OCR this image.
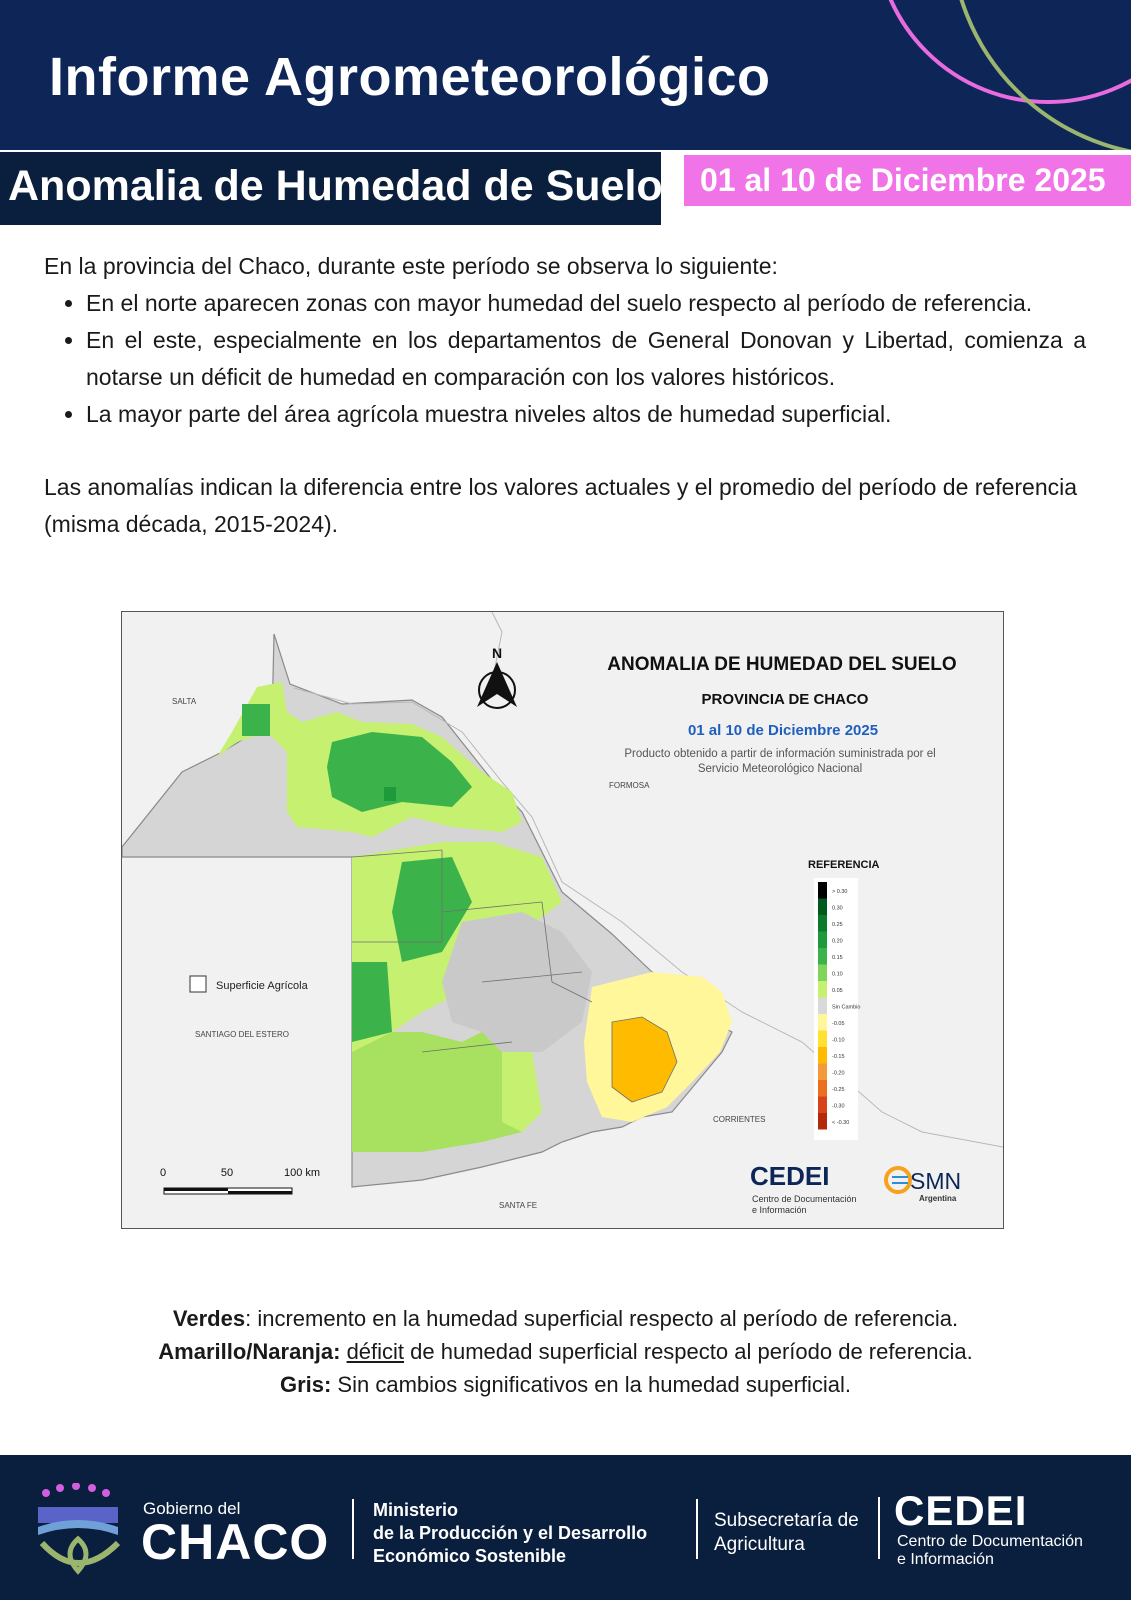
Informe Agrometeorológico
Anomalia de Humedad de Suelo 01 al 10 de Diciembre 2025

En la provincia del Chaco, durante este período se observa lo siguiente:

• En el norte aparecen zonas con mayor humedad del suelo respecto al período de referencia.
• En el este, especialmente en los departamentos de General Donovan y Libertad, comienza a notarse un déficit de humedad en comparación con los valores históricos.
• La mayor parte del área agrícola muestra niveles altos de humedad superficial.

Las anomalías indican la diferencia entre los valores actuales y el promedio del período de referencia (misma década, 2015-2024).

Superficie Agrícola
SALTA
FORMOSA
SANTIAGO DEL ESTERO
CORRIENTES
SANTA FE
N
ANOMALIA DE HUMEDAD DEL SUELO
PROVINCIA DE CHACO
01 al 10 de Diciembre 2025
Producto obtenido a partir de información suministrada por el
Servicio Meteorológico Nacional
REFERENCIA
> 0.30
0.30
0.25
0.20
0.15
0.10
0.05
Sin Cambio
-0.05
-0.10
-0.15
-0.20
-0.25
-0.30
< -0.30
0	50	100 km	CEDEI
Centro de Documentación
e Información
SMN
Argentina

Verdes: incremento en la humedad superficial respecto al período de referencia.

Amarillo/Naranja: déficit de humedad superficial respecto al período de referencia.

Gris: Sin cambios significativos en la humedad superficial.

Gobierno del
CHACO
Ministerio
de la Producción y el Desarrollo
Económico Sostenible
Subsecretaría de
Agricultura
CEDEI
Centro de Documentación
e Información
